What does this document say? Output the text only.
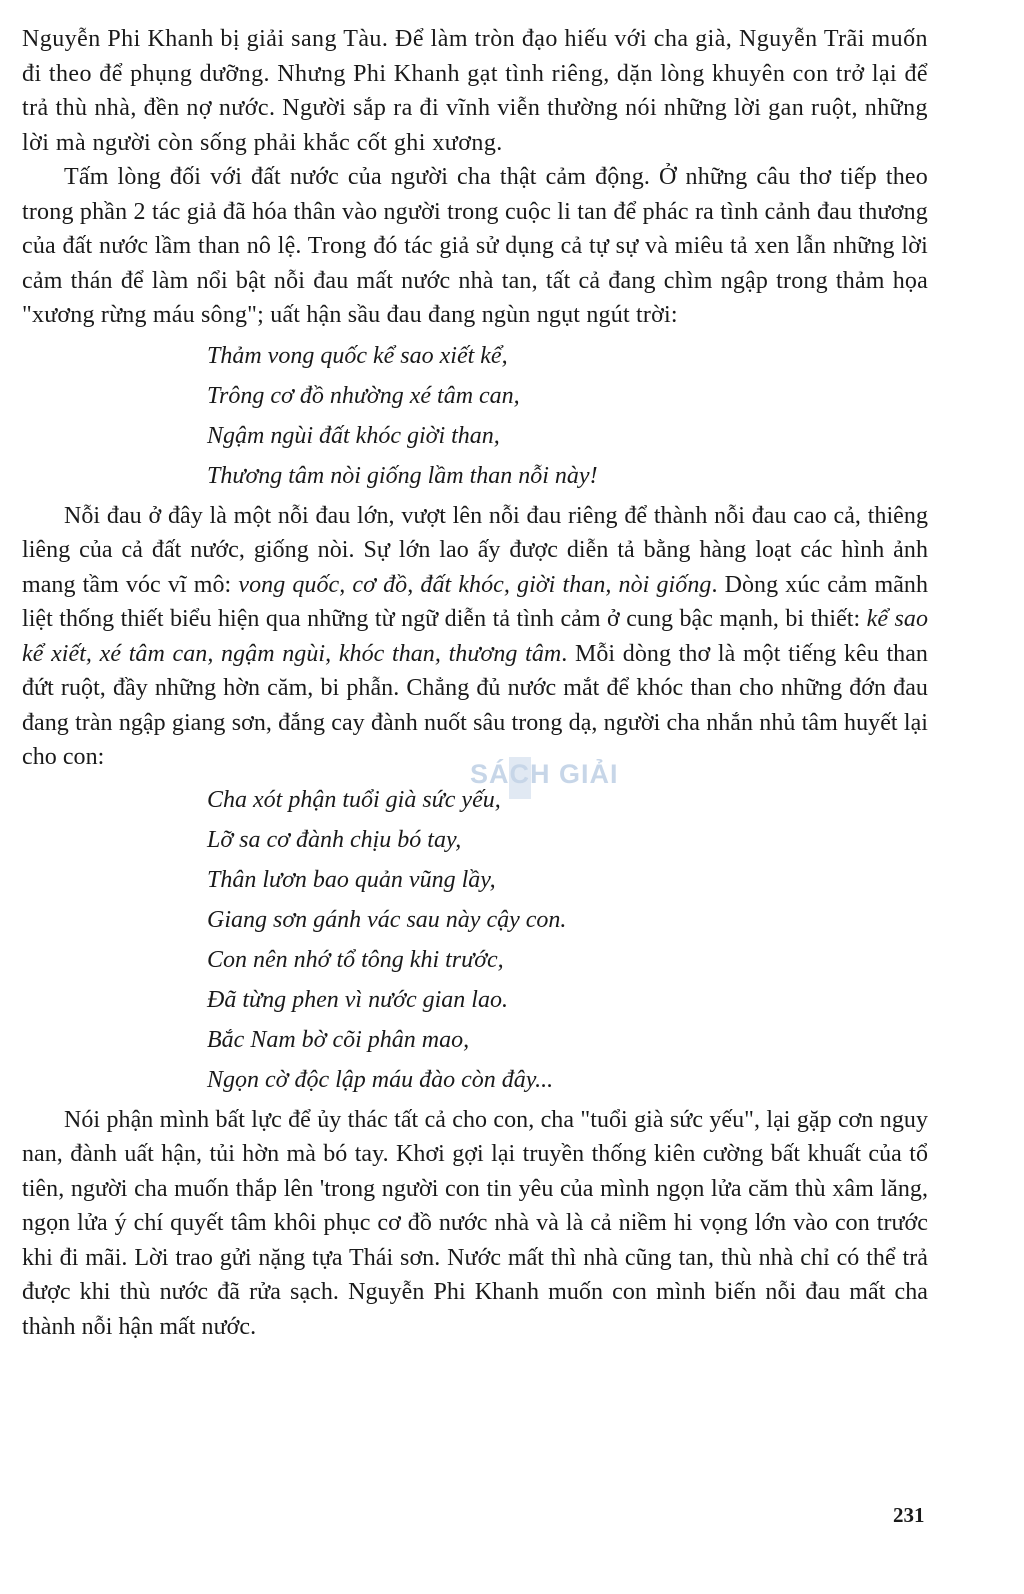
Nguyễn Phi Khanh bị giải sang Tàu. Để làm tròn đạo hiếu với cha già, Nguyễn Trãi muốn đi theo để phụng dưỡng. Nhưng Phi Khanh gạt tình riêng, dặn lòng khuyên con trở lại để trả thù nhà, đền nợ nước. Người sắp ra đi vĩnh viễn thường nói những lời gan ruột, những lời mà người còn sống phải khắc cốt ghi xương.

Tấm lòng đối với đất nước của người cha thật cảm động. Ở những câu thơ tiếp theo trong phần 2 tác giả đã hóa thân vào người trong cuộc li tan để phác ra tình cảnh đau thương của đất nước lầm than nô lệ. Trong đó tác giả sử dụng cả tự sự và miêu tả xen lẫn những lời cảm thán để làm nổi bật nỗi đau mất nước nhà tan, tất cả đang chìm ngập trong thảm họa "xương rừng máu sông"; uất hận sầu đau đang ngùn ngụt ngút trời:

Thảm vong quốc kể sao xiết kể,
Trông cơ đồ nhường xé tâm can,
Ngậm ngùi đất khóc giời than,
Thương tâm nòi giống lầm than nỗi này!

Nỗi đau ở đây là một nỗi đau lớn, vượt lên nỗi đau riêng để thành nỗi đau cao cả, thiêng liêng của cả đất nước, giống nòi. Sự lớn lao ấy được diễn tả bằng hàng loạt các hình ảnh mang tầm vóc vĩ mô: vong quốc, cơ đồ, đất khóc, giời than, nòi giống. Dòng xúc cảm mãnh liệt thống thiết biểu hiện qua những từ ngữ diễn tả tình cảm ở cung bậc mạnh, bi thiết: kể sao kể xiết, xé tâm can, ngậm ngùi, khóc than, thương tâm. Mỗi dòng thơ là một tiếng kêu than đứt ruột, đầy những hờn căm, bi phẫn. Chẳng đủ nước mắt để khóc than cho những đớn đau đang tràn ngập giang sơn, đắng cay đành nuốt sâu trong dạ, người cha nhắn nhủ tâm huyết lại cho con:

Cha xót phận tuổi già sức yếu,
Lỡ sa cơ đành chịu bó tay,
Thân lươn bao quản vũng lầy,
Giang sơn gánh vác sau này cậy con.
Con nên nhớ tổ tông khi trước,
Đã từng phen vì nước gian lao.
Bắc Nam bờ cõi phân mao,
Ngọn cờ độc lập máu đào còn đây...

Nói phận mình bất lực để ủy thác tất cả cho con, cha "tuổi già sức yếu", lại gặp cơn nguy nan, đành uất hận, tủi hờn mà bó tay. Khơi gợi lại truyền thống kiên cường bất khuất của tổ tiên, người cha muốn thắp lên 'trong người con tin yêu của mình ngọn lửa căm thù xâm lăng, ngọn lửa ý chí quyết tâm khôi phục cơ đồ nước nhà và là cả niềm hi vọng lớn vào con trước khi đi mãi. Lời trao gửi nặng tựa Thái sơn. Nước mất thì nhà cũng tan, thù nhà chỉ có thể trả được khi thù nước đã rửa sạch. Nguyễn Phi Khanh muốn con mình biến nỗi đau mất cha thành nỗi hận mất nước.

SÁCH GIẢI
231
